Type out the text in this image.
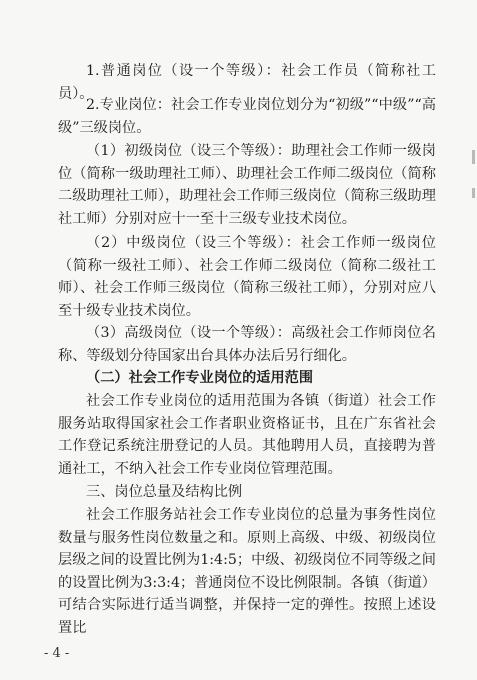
1.普通岗位（设一个等级）：社会工作员（简称社工员）。

2.专业岗位：社会工作专业岗位划分为“初级”“中级”“高级”三级岗位。

（1）初级岗位（设三个等级）：助理社会工作师一级岗位（简称一级助理社工师）、助理社会工作师二级岗位（简称二级助理社工师），助理社会工作师三级岗位（简称三级助理社工师）分别对应十一至十三级专业技术岗位。

（2）中级岗位（设三个等级）：社会工作师一级岗位（简称一级社工师）、社会工作师二级岗位（简称二级社工师）、社会工作师三级岗位（简称三级社工师），分别对应八至十级专业技术岗位。

（3）高级岗位（设一个等级）：高级社会工作师岗位名称、等级划分待国家出台具体办法后另行细化。

（二）社会工作专业岗位的适用范围

社会工作专业岗位的适用范围为各镇（街道）社会工作服务站取得国家社会工作者职业资格证书，且在广东省社会工作登记系统注册登记的人员。其他聘用人员，直接聘为普通社工，不纳入社会工作专业岗位管理范围。

三、岗位总量及结构比例

社会工作服务站社会工作专业岗位的总量为事务性岗位数量与服务性岗位数量之和。原则上高级、中级、初级岗位层级之间的设置比例为1:4:5；中级、初级岗位不同等级之间的设置比例为3:3:4；普通岗位不设比例限制。各镇（街道）可结合实际进行适当调整，并保持一定的弹性。按照上述设置比

- 4 -
